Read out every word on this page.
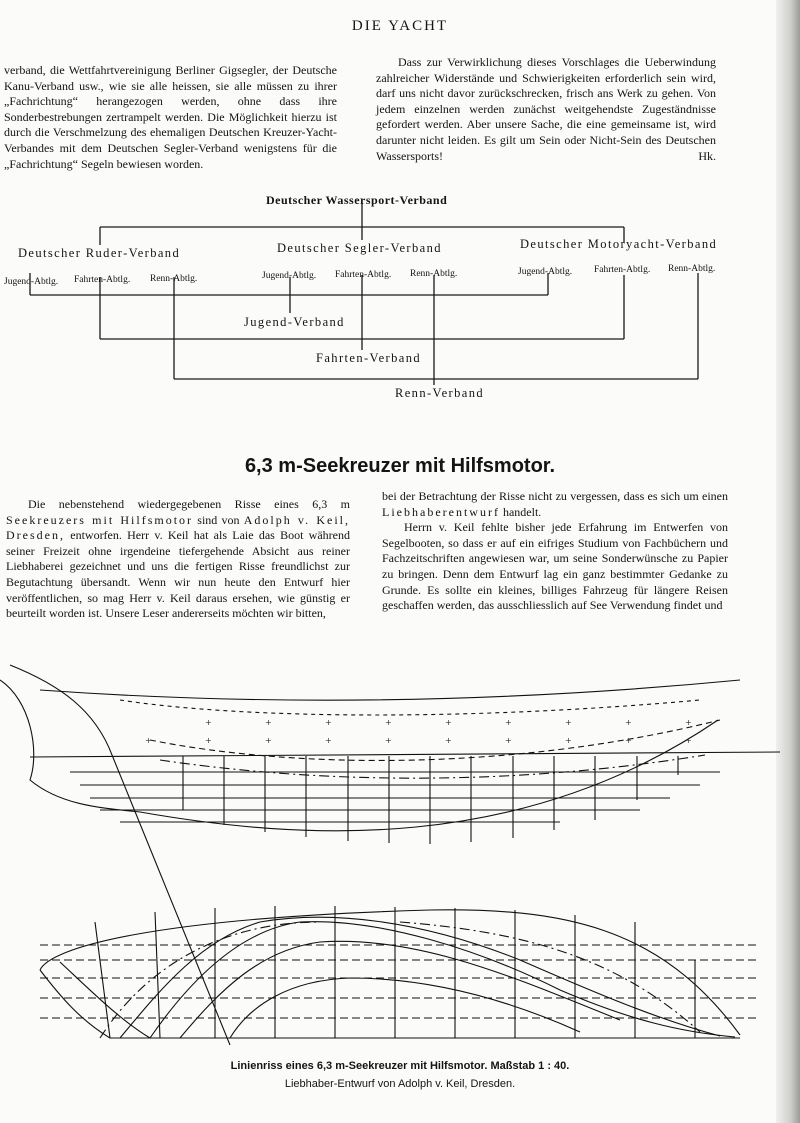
DIE YACHT

verband, die Wettfahrtvereinigung Berliner Gigsegler, der Deutsche Kanu-Verband usw., wie sie alle heissen, sie alle müssen zu ihrer „Fachrichtung“ herangezogen werden, ohne dass ihre Sonderbestrebungen zertrampelt werden. Die Möglichkeit hierzu ist durch die Verschmelzung des ehemaligen Deutschen Kreuzer-Yacht-Verbandes mit dem Deutschen Segler-Verband wenigstens für die „Fachrichtung“ Segeln bewiesen worden.

Dass zur Verwirklichung dieses Vorschlages die Ueberwindung zahlreicher Widerstände und Schwierigkeiten erforderlich sein wird, darf uns nicht davor zurückschrecken, frisch ans Werk zu gehen. Von jedem einzelnen werden zunächst weitgehendste Zugeständnisse gefordert werden. Aber unsere Sache, die eine gemeinsame ist, wird darunter nicht leiden. Es gilt um Sein oder Nicht-Sein des Deutschen Wassersports!	Hk.

Deutscher Wassersport-Verband
Deutscher Ruder-Verband	Deutscher Segler-Verband	Deutscher Motoryacht-Verband
Jugend-Abtlg. Fahrten-Abtlg. Renn-Abtlg.	Jugend-Abtlg. Fahrten-Abtlg. Renn-Abtlg.	Jugend-Abtlg. Fahrten-Abtlg. Renn-Abtlg.
Jugend-Verband
Fahrten-Verband
Renn-Verband
6,3 m-Seekreuzer mit Hilfsmotor.

Die nebenstehend wiedergegebenen Risse eines 6,3 m Seekreuzers mit Hilfsmotor sind von Adolph v. Keil, Dresden, entworfen. Herr v. Keil hat als Laie das Boot während seiner Freizeit ohne irgendeine tiefergehende Absicht aus reiner Liebhaberei gezeichnet und uns die fertigen Risse freundlichst zur Begutachtung übersandt. Wenn wir nun heute den Entwurf hier veröffentlichen, so mag Herr v. Keil daraus ersehen, wie günstig er beurteilt worden ist. Unsere Leser andererseits möchten wir bitten,

bei der Betrachtung der Risse nicht zu vergessen, dass es sich um einen Liebhaberentwurf handelt.

Herrn v. Keil fehlte bisher jede Erfahrung im Entwerfen von Segelbooten, so dass er auf ein eifriges Studium von Fachbüchern und Fachzeitschriften angewiesen war, um seine Sonderwünsche zu Papier zu bringen. Denn dem Entwurf lag ein ganz bestimmter Gedanke zu Grunde. Es sollte ein kleines, billiges Fahrzeug für längere Reisen geschaffen werden, das ausschliesslich auf See Verwendung findet und

+	+	+	+	+	+	+	+	+
+	+	+	+	+	+	+	+	+	+
Linienriss eines 6,3 m-Seekreuzer mit Hilfsmotor. Maßstab 1 : 40.
Liebhaber-Entwurf von Adolph v. Keil, Dresden.
